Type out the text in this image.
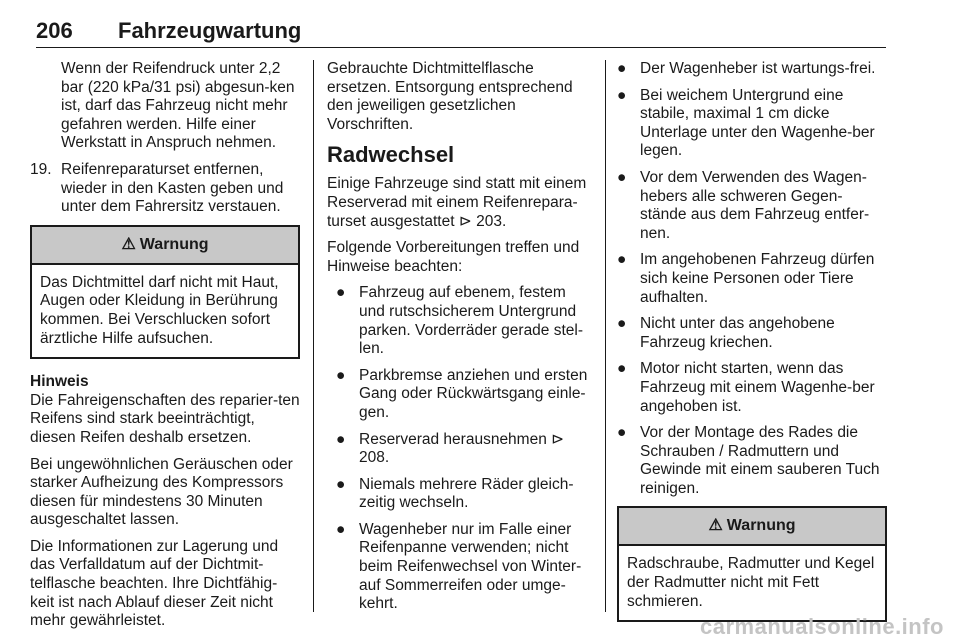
206 Fahrzeugwartung

Wenn der Reifendruck unter 2,2 bar (220 kPa/31 psi) abgesun-ken ist, darf das Fahrzeug nicht mehr gefahren werden. Hilfe einer Werkstatt in Anspruch nehmen.

19. Reifenreparaturset entfernen, wieder in den Kasten geben und unter dem Fahrersitz verstauen.
⚠ Warnung
Das Dichtmittel darf nicht mit Haut, Augen oder Kleidung in Berührung kommen. Bei Verschlucken sofort ärztliche Hilfe aufsuchen.
Hinweis

Die Fahreigenschaften des reparier-ten Reifens sind stark beeinträchtigt, diesen Reifen deshalb ersetzen.

Bei ungewöhnlichen Geräuschen oder starker Aufheizung des Kompressors diesen für mindestens 30 Minuten ausgeschaltet lassen.

Die Informationen zur Lagerung und das Verfalldatum auf der Dichtmit-telflasche beachten. Ihre Dichtfähig-keit ist nach Ablauf dieser Zeit nicht mehr gewährleistet.

Gebrauchte Dichtmittelflasche ersetzen. Entsorgung entsprechend den jeweiligen gesetzlichen Vorschriften.

Radwechsel

Einige Fahrzeuge sind statt mit einem Reserverad mit einem Reifenrepara-turset ausgestattet ⊳ 203.

Folgende Vorbereitungen treffen und Hinweise beachten:

● Fahrzeug auf ebenem, festem und rutschsicherem Untergrund parken. Vorderräder gerade stel-len.
● Parkbremse anziehen und ersten Gang oder Rückwärtsgang einle-gen.
● Reserverad herausnehmen ⊳ 208.
● Niemals mehrere Räder gleich-zeitig wechseln.
● Wagenheber nur im Falle einer Reifenpanne verwenden; nicht beim Reifenwechsel von Winter- auf Sommerreifen oder umge-kehrt.
● Der Wagenheber ist wartungs-frei.
● Bei weichem Untergrund eine stabile, maximal 1 cm dicke Unterlage unter den Wagenhe-ber legen.
● Vor dem Verwenden des Wagen-hebers alle schweren Gegen-stände aus dem Fahrzeug entfer-nen.
● Im angehobenen Fahrzeug dürfen sich keine Personen oder Tiere aufhalten.
● Nicht unter das angehobene Fahrzeug kriechen.
● Motor nicht starten, wenn das Fahrzeug mit einem Wagenhe-ber angehoben ist.
● Vor der Montage des Rades die Schrauben / Radmuttern und Gewinde mit einem sauberen Tuch reinigen.
⚠ Warnung
Radschraube, Radmutter und Kegel der Radmutter nicht mit Fett schmieren.
carmanualsonline.info
